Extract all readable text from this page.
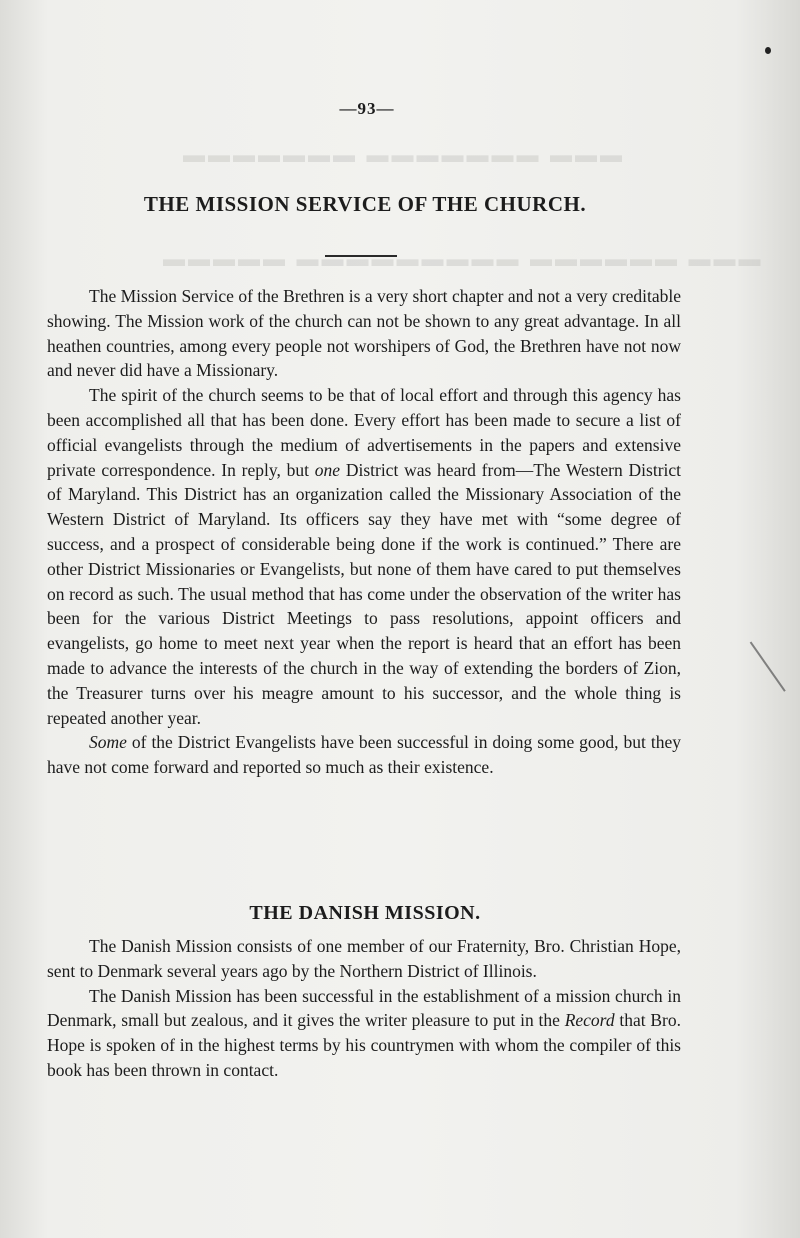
▬▬▬ ▬▬▬▬▬▬▬ ▬▬▬▬▬▬▬
▬▬▬ ▬▬▬▬▬▬ ▬▬▬▬▬▬▬▬▬ ▬▬▬▬▬
—93—
THE MISSION SERVICE OF THE CHURCH.

The Mission Service of the Brethren is a very short chapter and not a very creditable showing. The Mission work of the church can not be shown to any great advantage. In all heathen countries, among every people not worshipers of God, the Brethren have not now and never did have a Missionary.

The spirit of the church seems to be that of local effort and through this agency has been accomplished all that has been done. Every effort has been made to secure a list of official evangelists through the medium of advertisements in the papers and extensive private correspondence. In reply, but one District was heard from—The Western District of Maryland. This District has an organization called the Missionary Association of the Western District of Maryland. Its officers say they have met with “some degree of success, and a prospect of considerable being done if the work is continued.” There are other District Missionaries or Evangelists, but none of them have cared to put themselves on record as such. The usual method that has come under the observation of the writer has been for the various District Meetings to pass resolutions, appoint officers and evangelists, go home to meet next year when the report is heard that an effort has been made to advance the interests of the church in the way of extending the borders of Zion, the Treasurer turns over his meagre amount to his successor, and the whole thing is repeated another year.

Some of the District Evangelists have been successful in doing some good, but they have not come forward and reported so much as their existence.

THE DANISH MISSION.

The Danish Mission consists of one member of our Fraternity, Bro. Christian Hope, sent to Denmark several years ago by the Northern District of Illinois.

The Danish Mission has been successful in the establishment of a mission church in Denmark, small but zealous, and it gives the writer pleasure to put in the Record that Bro. Hope is spoken of in the highest terms by his countrymen with whom the compiler of this book has been thrown in contact.
